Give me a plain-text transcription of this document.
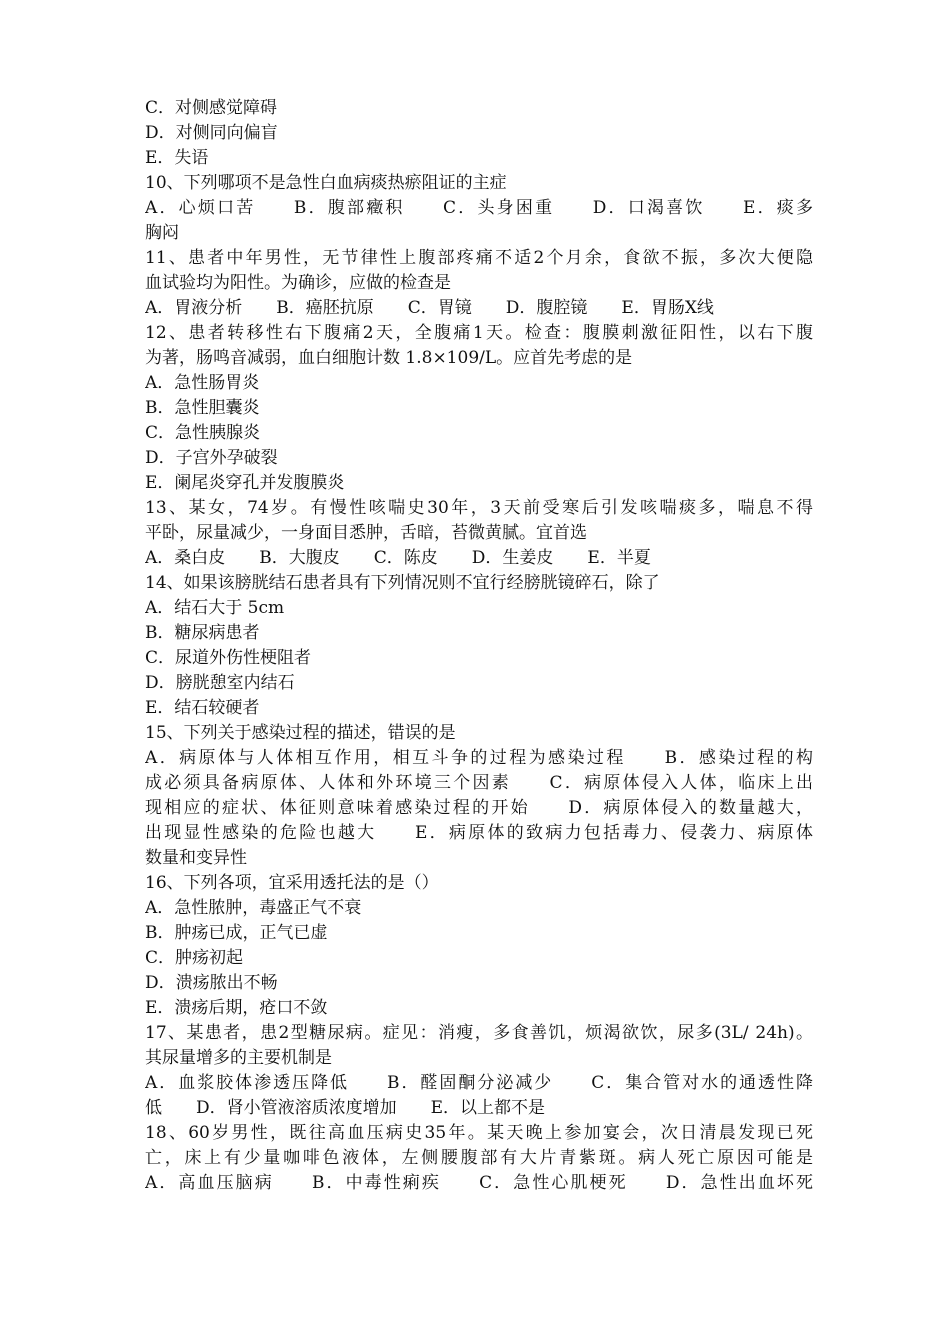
C．对侧感觉障碍
D．对侧同向偏盲
E．失语
10、下列哪项不是急性白血病痰热瘀阻证的主症
A．心烦口苦　　B．腹部癥积　　C．头身困重　　D．口渴喜饮　　E．痰多
胸闷
11、患者中年男性，无节律性上腹部疼痛不适2个月余，食欲不振，多次大便隐
血试验均为阳性。为确诊，应做的检查是
A．胃液分析　　B．癌胚抗原　　C．胃镜　　D．腹腔镜　　E．胃肠X线
12、患者转移性右下腹痛2天，全腹痛1天。检查：腹膜刺激征阳性，以右下腹
为著，肠鸣音减弱，血白细胞计数 1.8×109/L。应首先考虑的是
A．急性肠胃炎
B．急性胆囊炎
C．急性胰腺炎
D．子宫外孕破裂
E．阑尾炎穿孔并发腹膜炎
13、某女，74岁。有慢性咳喘史30年，3天前受寒后引发咳喘痰多，喘息不得
平卧，尿量减少，一身面目悉肿，舌暗，苔微黄腻。宜首选
A．桑白皮　　B．大腹皮　　C．陈皮　　D．生姜皮　　E．半夏
14、如果该膀胱结石患者具有下列情况则不宜行经膀胱镜碎石，除了
A．结石大于 5cm
B．糖尿病患者
C．尿道外伤性梗阻者
D．膀胱憩室内结石
E．结石较硬者
15、下列关于感染过程的描述，错误的是
A．病原体与人体相互作用，相互斗争的过程为感染过程　　B．感染过程的构
成必须具备病原体、人体和外环境三个因素　　C．病原体侵入人体，临床上出
现相应的症状、体征则意味着感染过程的开始　　D．病原体侵入的数量越大，
出现显性感染的危险也越大　　E．病原体的致病力包括毒力、侵袭力、病原体
数量和变异性
16、下列各项，宜采用透托法的是（）
A．急性脓肿，毒盛正气不衰
B．肿疡已成，正气已虚
C．肿疡初起
D．溃疡脓出不畅
E．溃疡后期，疮口不敛
17、某患者，患2型糖尿病。症见：消瘦，多食善饥，烦渴欲饮，尿多(3L/ 24h)。
其尿量增多的主要机制是
A．血浆胶体渗透压降低　　B．醛固酮分泌减少　　C．集合管对水的通透性降
低　　D．肾小管液溶质浓度增加　　E．以上都不是
18、60岁男性，既往高血压病史35年。某天晚上参加宴会，次日清晨发现已死
亡，床上有少量咖啡色液体，左侧腰腹部有大片青紫斑。病人死亡原因可能是
A．高血压脑病　　B．中毒性痢疾　　C．急性心肌梗死　　D．急性出血坏死
